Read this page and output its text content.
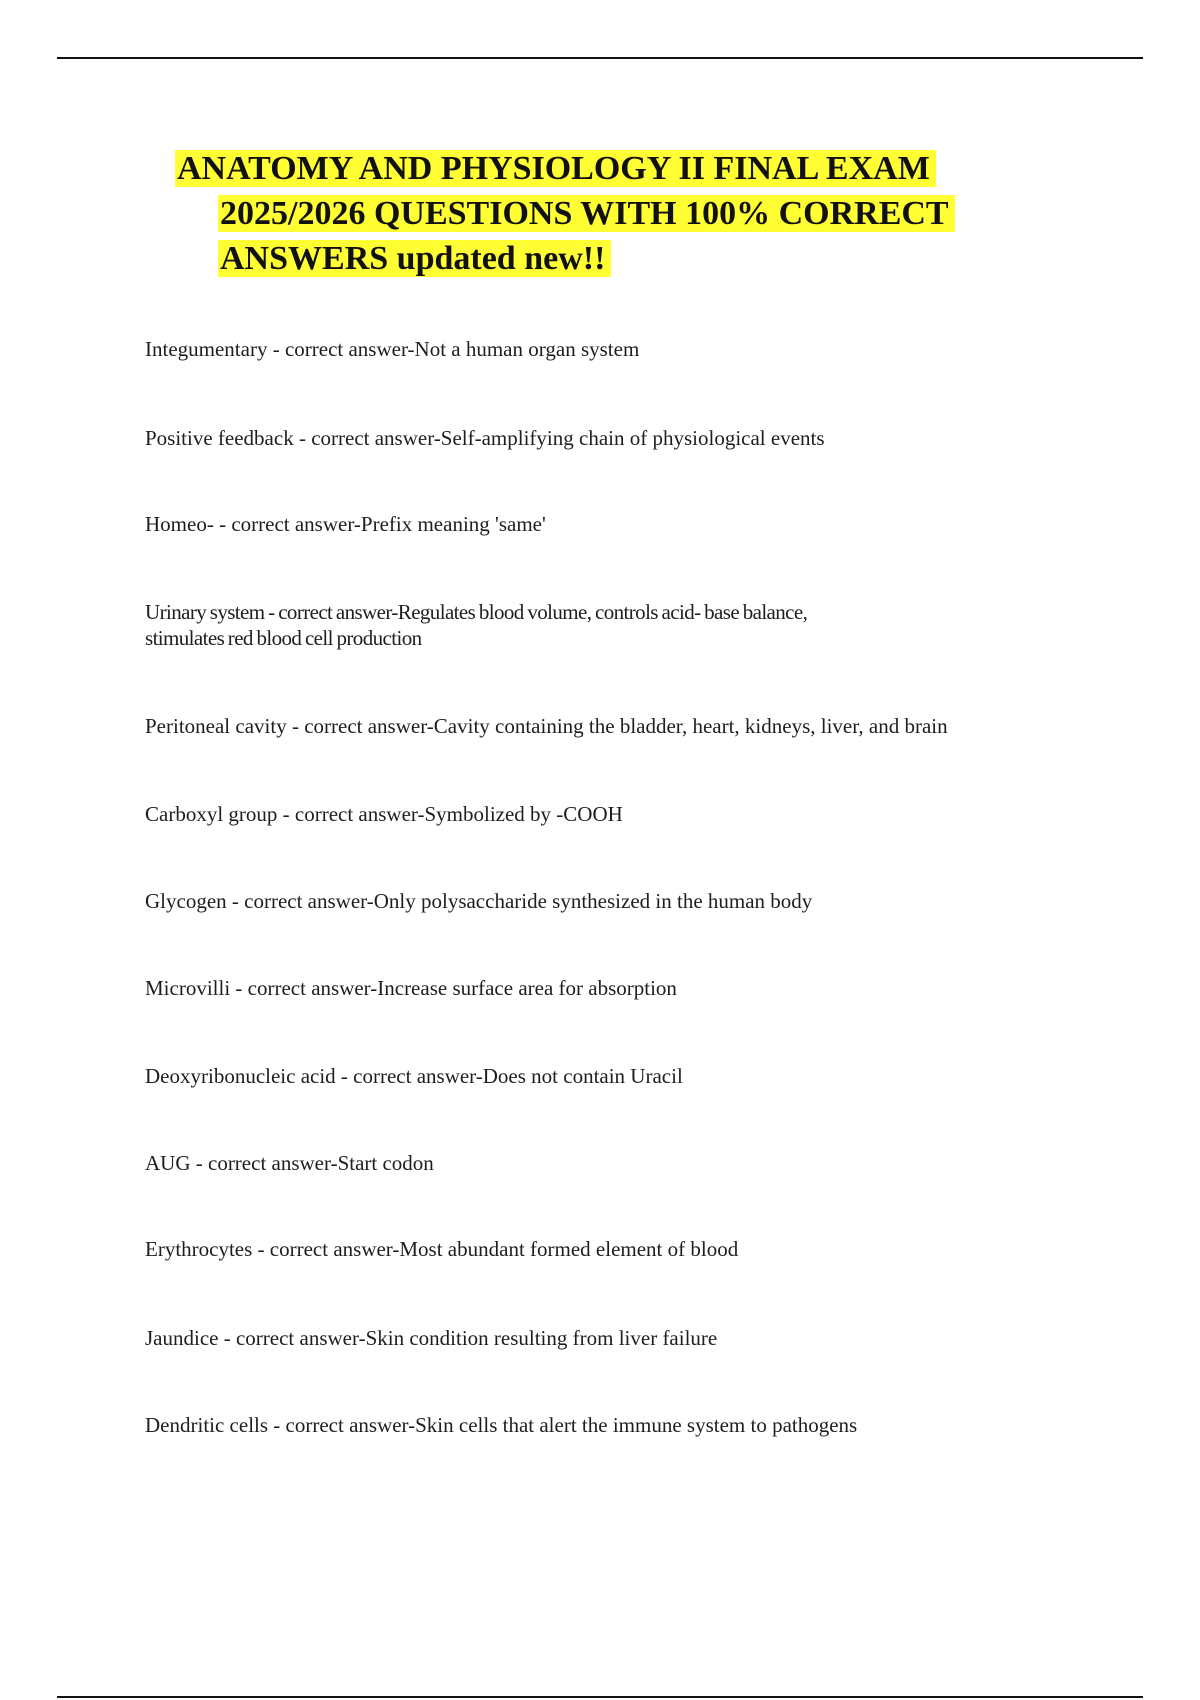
ANATOMY AND PHYSIOLOGY II FINAL EXAM
2025/2026 QUESTIONS WITH 100% CORRECT
ANSWERS updated new!!
Integumentary - correct answer-Not a human organ system
Positive feedback - correct answer-Self-amplifying chain of physiological events
Homeo- - correct answer-Prefix meaning 'same'
Urinary system - correct answer-Regulates blood volume, controls acid- base balance, stimulates red blood cell production
Peritoneal cavity - correct answer-Cavity containing the bladder, heart, kidneys, liver, and brain
Carboxyl group - correct answer-Symbolized by -COOH
Glycogen - correct answer-Only polysaccharide synthesized in the human body
Microvilli - correct answer-Increase surface area for absorption
Deoxyribonucleic acid - correct answer-Does not contain Uracil
AUG - correct answer-Start codon
Erythrocytes - correct answer-Most abundant formed element of blood
Jaundice - correct answer-Skin condition resulting from liver failure
Dendritic cells - correct answer-Skin cells that alert the immune system to pathogens
